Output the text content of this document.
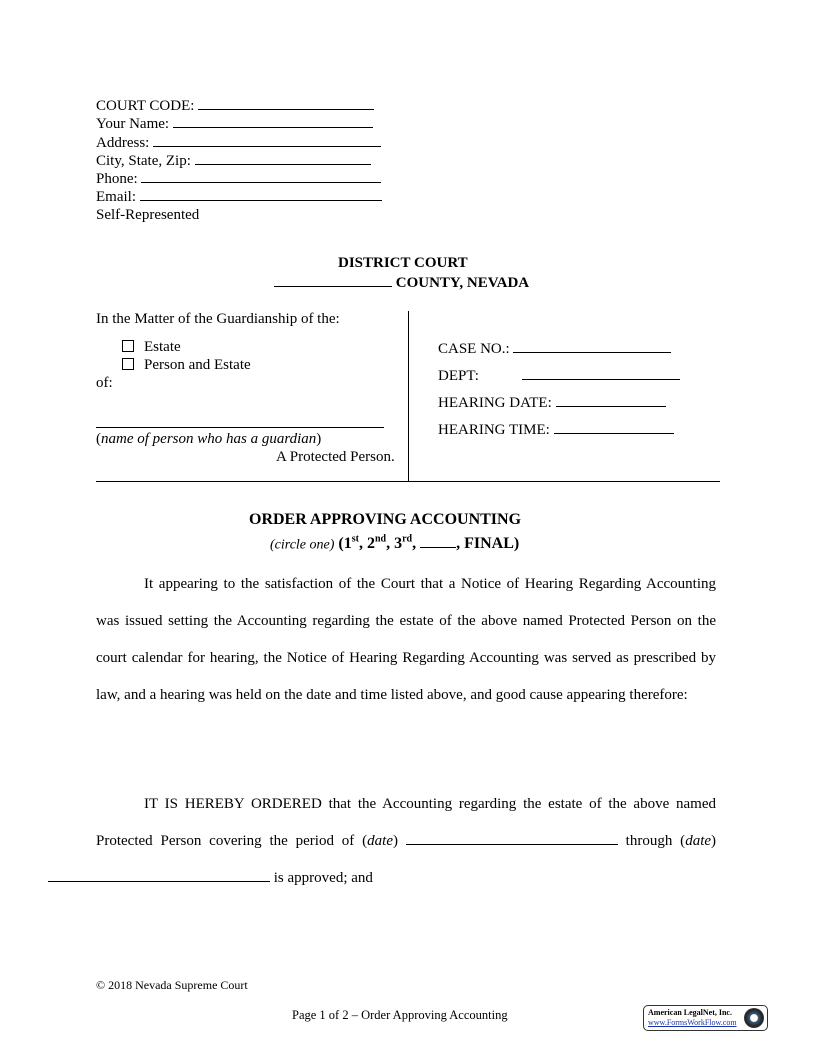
COURT CODE:
Your Name:
Address:
City, State, Zip:
Phone:
Email:
Self-Represented
DISTRICT COURT
COUNTY, NEVADA
In the Matter of the Guardianship of the:
Estate
Person and Estate
of:
(name of person who has a guardian)
A Protected Person.
CASE NO.:
DEPT:
HEARING DATE:
HEARING TIME:
ORDER APPROVING ACCOUNTING
(circle one) (1st, 2nd, 3rd, , FINAL)
It appearing to the satisfaction of the Court that a Notice of Hearing Regarding Accounting was issued setting the Accounting regarding the estate of the above named Protected Person on the court calendar for hearing, the Notice of Hearing Regarding Accounting was served as prescribed by law, and a hearing was held on the date and time listed above, and good cause appearing therefore:
IT IS HEREBY ORDERED that the Accounting regarding the estate of the above named Protected Person covering the period of (date)	through (date)  is approved; and
© 2018 Nevada Supreme Court
Page 1 of 2 – Order Approving Accounting	American LegalNet, Inc.
www.FormsWorkFlow.com
